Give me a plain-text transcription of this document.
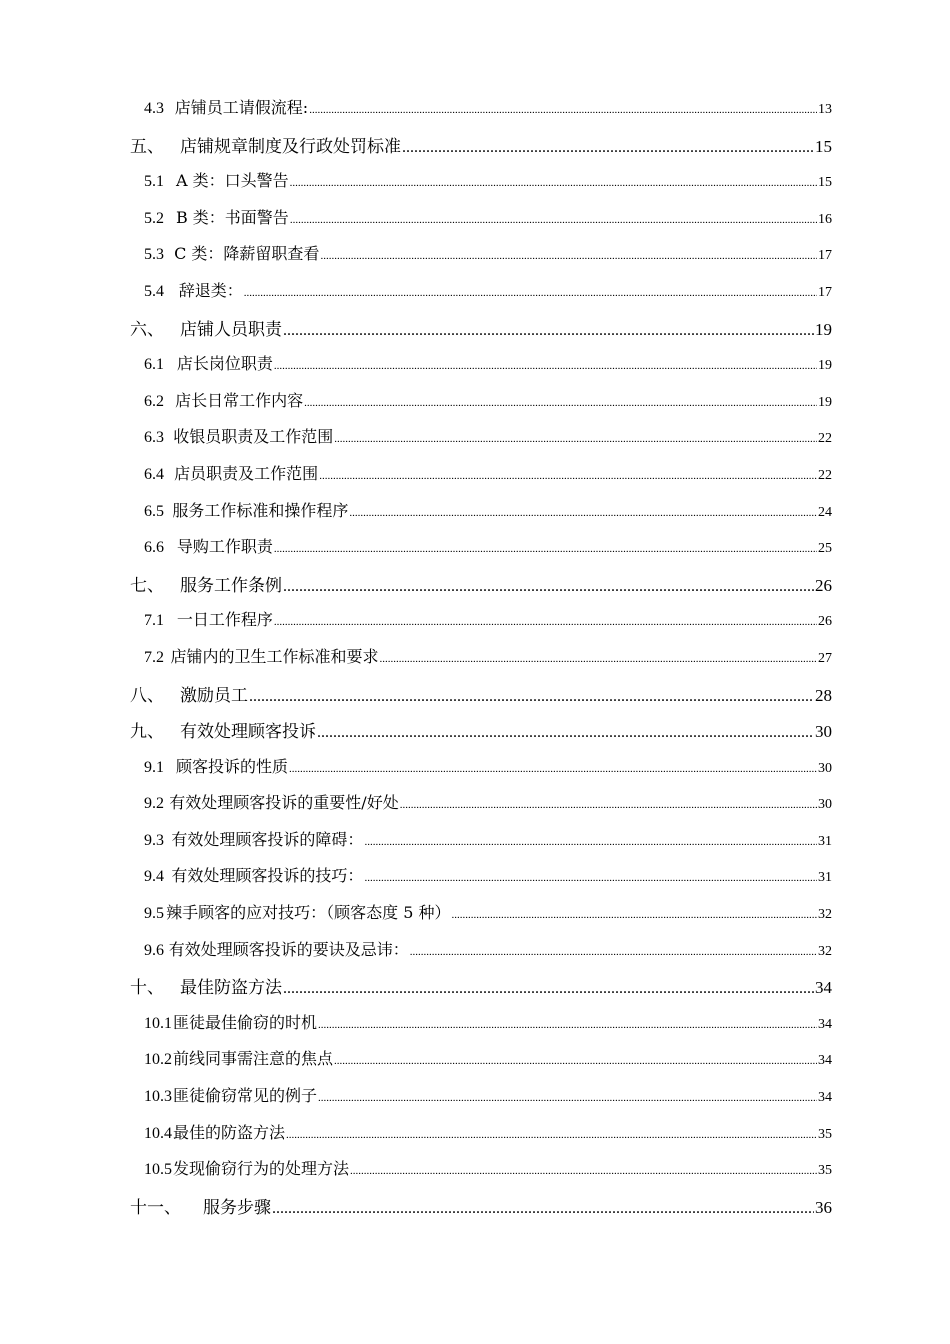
4.3 店铺员工请假流程: .....	13
五、 店铺规章制度及行政处罚标准 .....	15
5.1 A 类：口头警告 .....	15
5.2 B 类：书面警告 .....	16
5.3 C 类：降薪留职查看 .....	17
5.4 辞退类： .....	17
六、 店铺人员职责 .....	19
6.1 店长岗位职责 .....	19
6.2 店长日常工作内容 .....	19
6.3 收银员职责及工作范围 .....	22
6.4 店员职责及工作范围 .....	22
6.5 服务工作标准和操作程序 .....	24
6.6 导购工作职责 .....	25
七、 服务工作条例 .....	26
7.1 一日工作程序 .....	26
7.2 店铺内的卫生工作标准和要求 .....	27
八、 激励员工 .....	28
九、 有效处理顾客投诉 .....	30
9.1 顾客投诉的性质 .....	30
9.2 有效处理顾客投诉的重要性/好处 .....	30
9.3 有效处理顾客投诉的障碍： .....	31
9.4 有效处理顾客投诉的技巧： .....	31
9.5 辣手顾客的应对技巧：（顾客态度 5 种） .....	32
9.6 有效处理顾客投诉的要诀及忌讳： .....	32
十、 最佳防盗方法 .....	34
10.1 匪徒最佳偷窃的时机 .....	34
10.2 前线同事需注意的焦点 .....	34
10.3 匪徒偷窃常见的例子 .....	34
10.4 最佳的防盗方法 .....	35
10.5 发现偷窃行为的处理方法 .....	35
十一、 服务步骤 .....	36
